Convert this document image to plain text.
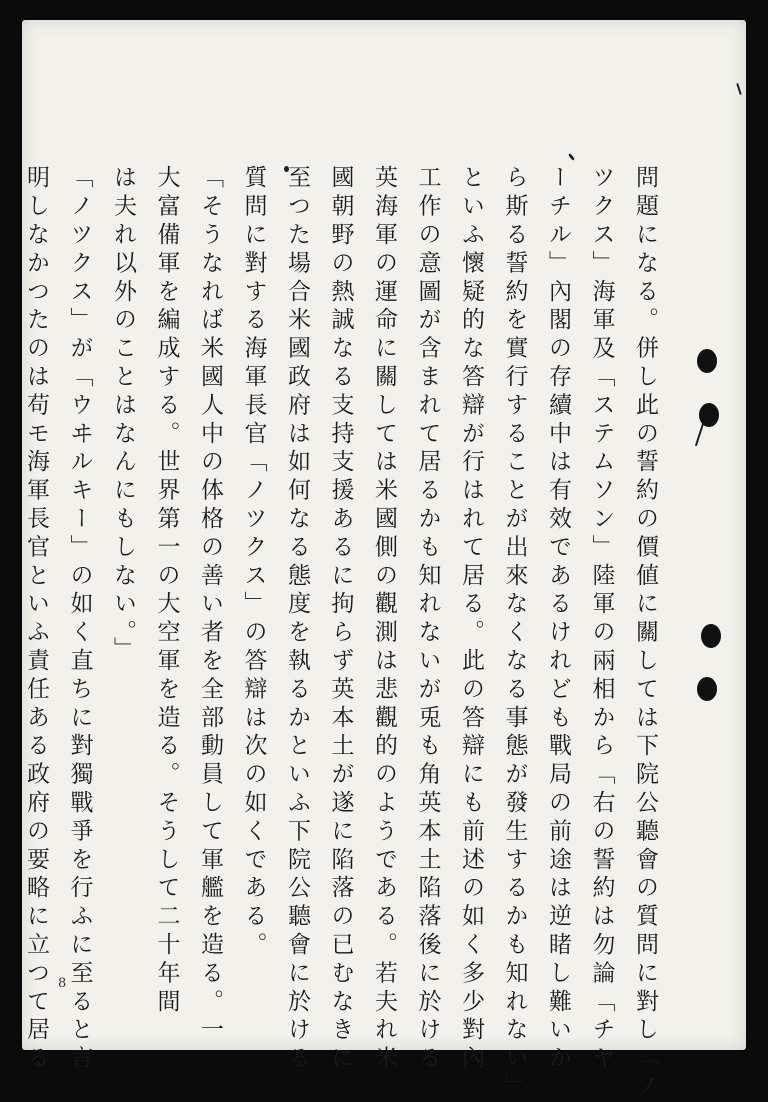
問題になる。併し此の誓約の價値に關しては下院公聽會の質問に對し「ノ
ツクス」海軍及「ステムソン」陸軍の兩相から「右の誓約は勿論「チヤ
ーチル」內閣の存續中は有效であるけれども戰局の前途は逆睹し難いか
ら斯る誓約を實行することが出來なくなる事態が發生するかも知れない」
といふ懷疑的な答辯が行はれて居る。此の答辯にも前述の如く多少對內
工作の意圖が含まれて居るかも知れないが兎も角英本土陷落後に於ける
英海軍の運命に關しては米國側の觀測は悲觀的のようである。若夫れ米
國朝野の熱誠なる支持支援あるに拘らず英本土が遂に陷落の已むなきに
至つた場合米國政府は如何なる態度を執るかといふ下院公聽會に於ける
質問に對する海軍長官「ノツクス」の答辯は次の如くである。
「そうなれば米國人中の体格の善い者を全部動員して軍艦を造る。一
大富備軍を編成する。世界第一の大空軍を造る。そうして二十年間
は夫れ以外のことはなんにもしない。」
「ノツクス」が「ウヰルキー」の如く直ちに對獨戰爭を行ふに至ると言
明しなかつたのは苟モ海軍長官といふ責任ある政府の要略に立つて居る 8
